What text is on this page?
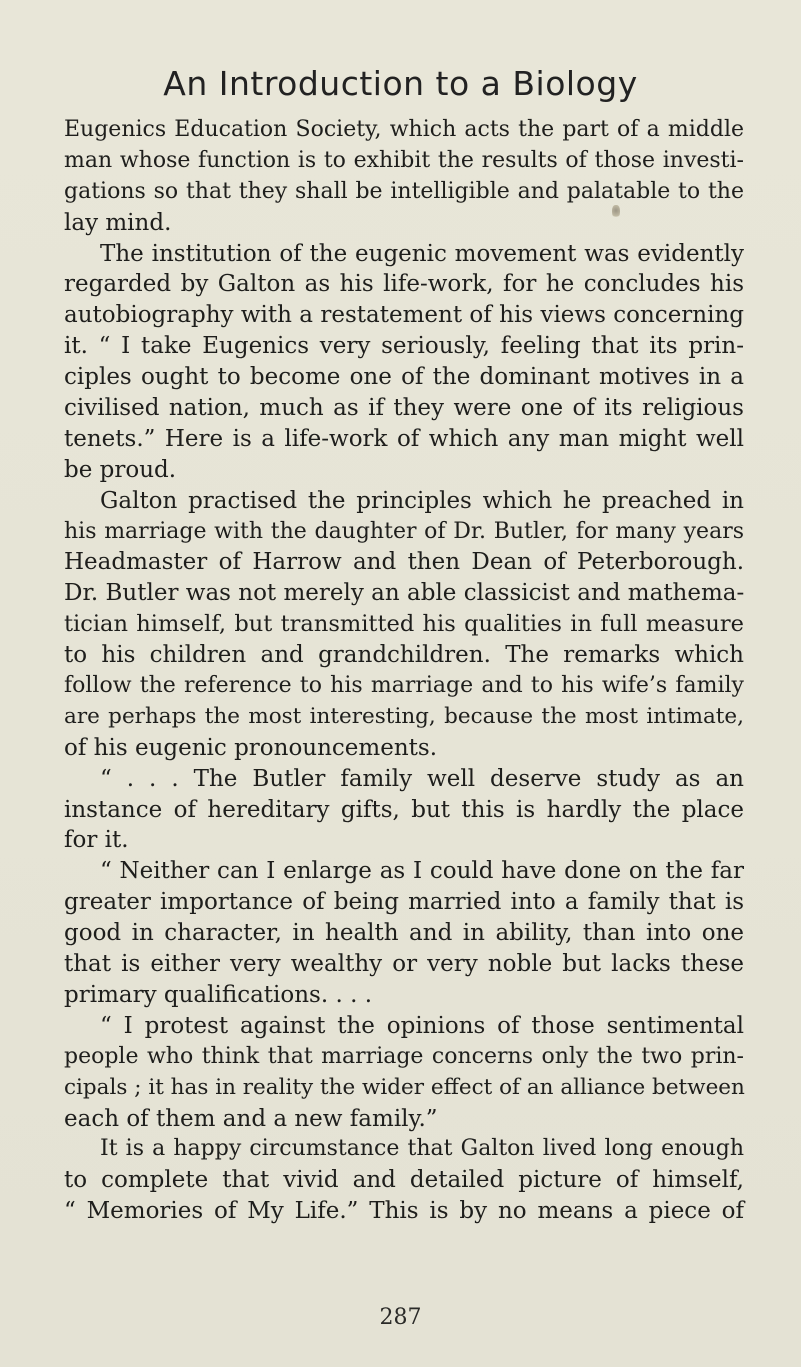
An Introduction to a Biology
Eugenics Education Society, which acts the part of a middle
man whose function is to exhibit the results of those investi-
gations so that they shall be intelligible and palatable to the
lay mind.
The institution of the eugenic movement was evidently
regarded by Galton as his life-work, for he concludes his
autobiography with a restatement of his views concerning
it. “ I take Eugenics very seriously, feeling that its prin-
ciples ought to become one of the dominant motives in a
civilised nation, much as if they were one of its religious
tenets.” Here is a life-work of which any man might well
be proud.
Galton practised the principles which he preached in
his marriage with the daughter of Dr. Butler, for many years
Headmaster of Harrow and then Dean of Peterborough.
Dr. Butler was not merely an able classicist and mathema-
tician himself, but transmitted his qualities in full measure
to his children and grandchildren. The remarks which
follow the reference to his marriage and to his wife’s family
are perhaps the most interesting, because the most intimate,
of his eugenic pronouncements.
“ . . . The Butler family well deserve study as an
instance of hereditary gifts, but this is hardly the place
for it.
“ Neither can I enlarge as I could have done on the far
greater importance of being married into a family that is
good in character, in health and in ability, than into one
that is either very wealthy or very noble but lacks these
primary qualifications. . . .
“ I protest against the opinions of those sentimental
people who think that marriage concerns only the two prin-
cipals ; it has in reality the wider effect of an alliance between
each of them and a new family.”
It is a happy circumstance that Galton lived long enough
to complete that vivid and detailed picture of himself,
“ Memories of My Life.” This is by no means a piece of
287
